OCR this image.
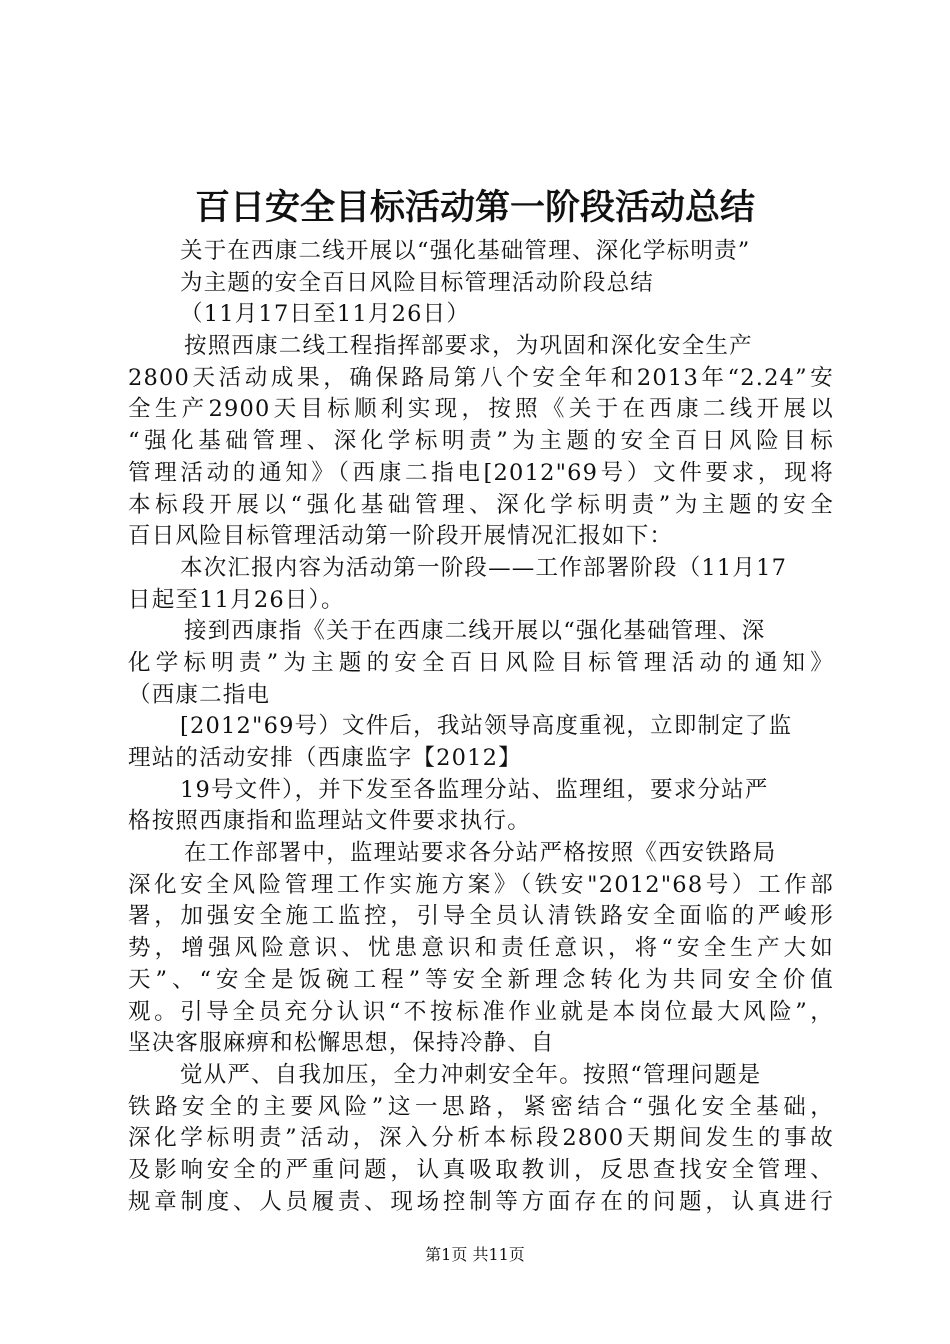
百日安全目标活动第一阶段活动总结
关于在西康二线开展以“强化基础管理、深化学标明责”
为主题的安全百日风险目标管理活动阶段总结
（11月17日至11月26日）
按照西康二线工程指挥部要求，为巩固和深化安全生产
2800天活动成果，确保路局第八个安全年和2013年“2.24”安
全生产2900天目标顺利实现，按照《关于在西康二线开展以
“强化基础管理、深化学标明责”为主题的安全百日风险目标
管理活动的通知》（西康二指电[2012"69号）文件要求，现将
本标段开展以“强化基础管理、深化学标明责”为主题的安全
百日风险目标管理活动第一阶段开展情况汇报如下：
本次汇报内容为活动第一阶段——工作部署阶段（11月17
日起至11月26日）。
接到西康指《关于在西康二线开展以“强化基础管理、深
化学标明责”为主题的安全百日风险目标管理活动的通知》
（西康二指电
[2012"69号）文件后，我站领导高度重视，立即制定了监
理站的活动安排（西康监字【2012】
19号文件），并下发至各监理分站、监理组，要求分站严
格按照西康指和监理站文件要求执行。
在工作部署中，监理站要求各分站严格按照《西安铁路局
深化安全风险管理工作实施方案》（铁安"2012"68号）工作部
署，加强安全施工监控，引导全员认清铁路安全面临的严峻形
势，增强风险意识、忧患意识和责任意识，将“安全生产大如
天”、“安全是饭碗工程”等安全新理念转化为共同安全价值
观。引导全员充分认识“不按标准作业就是本岗位最大风险”，
坚决客服麻痹和松懈思想，保持冷静、自
觉从严、自我加压，全力冲刺安全年。按照“管理问题是
铁路安全的主要风险”这一思路，紧密结合“强化安全基础，
深化学标明责”活动，深入分析本标段2800天期间发生的事故
及影响安全的严重问题，认真吸取教训，反思查找安全管理、
规章制度、人员履责、现场控制等方面存在的问题，认真进行
第1页 共11页
